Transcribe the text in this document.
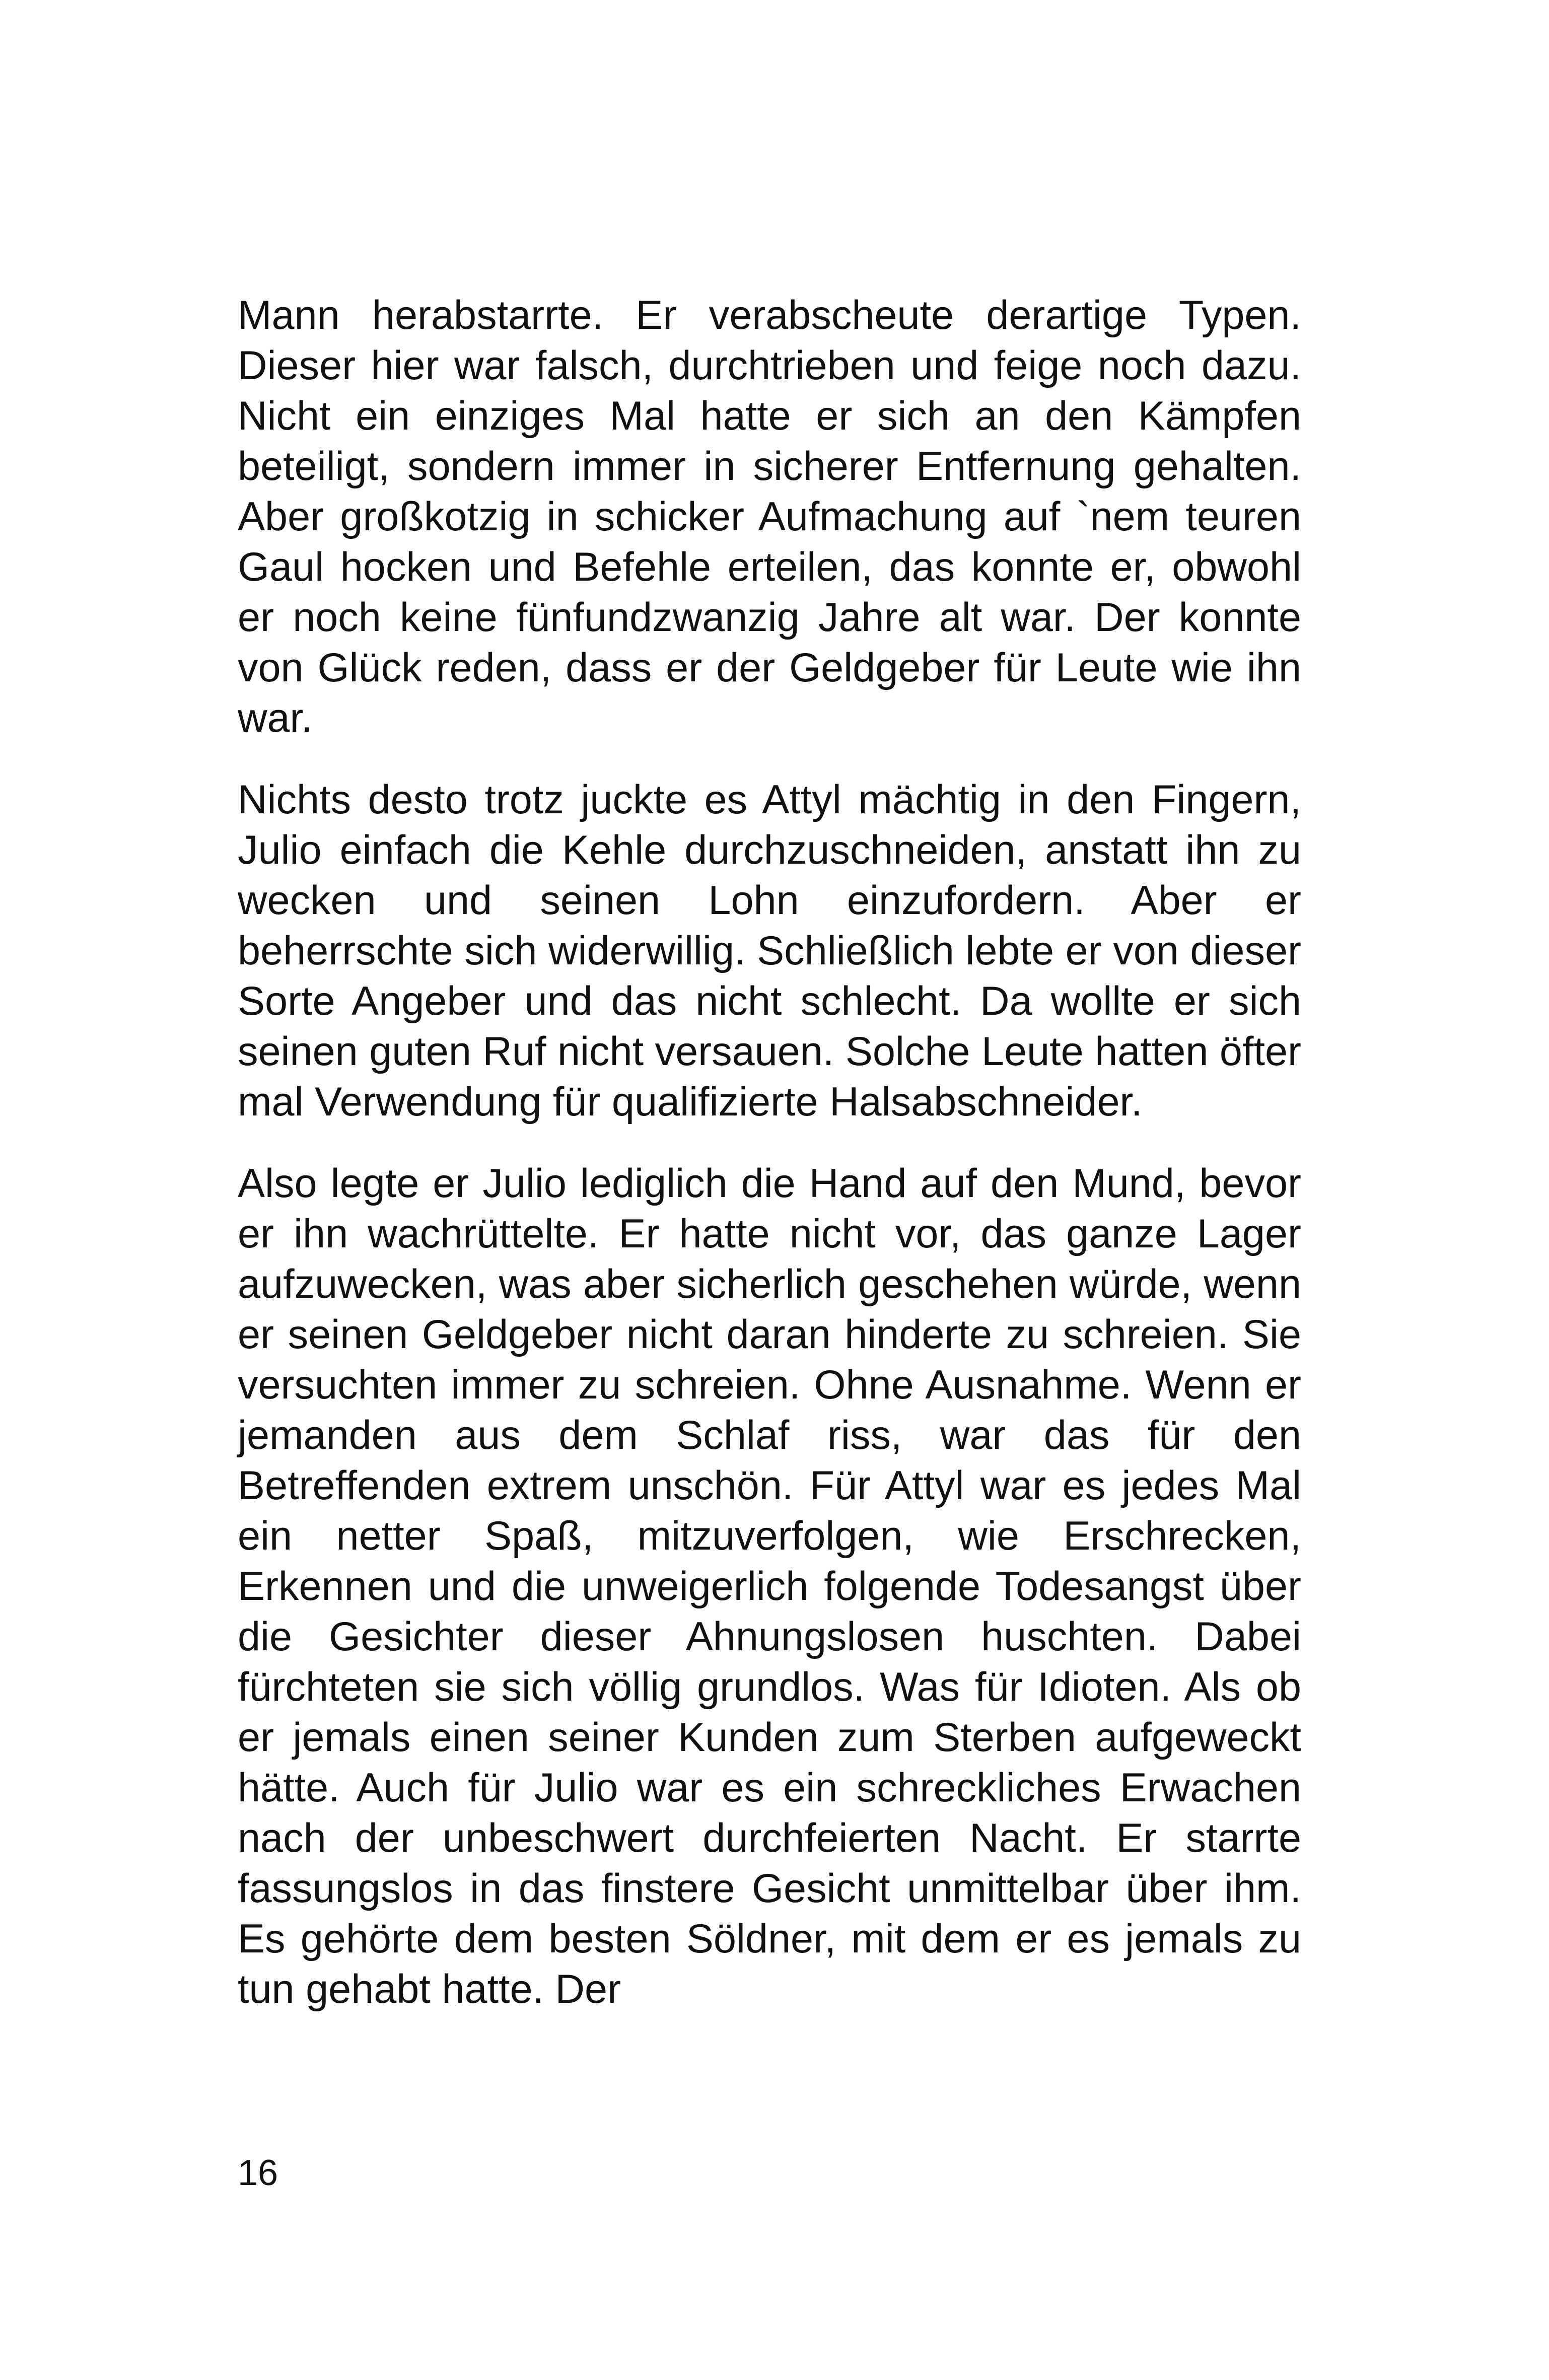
Mann herabstarrte. Er verabscheute derartige Typen. Dieser hier war falsch, durchtrieben und feige noch dazu. Nicht ein einziges Mal hatte er sich an den Kämpfen beteiligt, sondern immer in sicherer Entfernung gehalten. Aber großkotzig in schicker Aufmachung auf `nem teuren Gaul hocken und Befehle erteilen, das konnte er, obwohl er noch keine fünfundzwanzig Jahre alt war. Der konnte von Glück reden, dass er der Geldgeber für Leute wie ihn war.

Nichts desto trotz juckte es Attyl mächtig in den Fingern, Julio einfach die Kehle durchzuschneiden, anstatt ihn zu wecken und seinen Lohn einzufordern. Aber er beherrschte sich widerwillig. Schließlich lebte er von dieser Sorte Angeber und das nicht schlecht. Da wollte er sich seinen guten Ruf nicht versauen. Solche Leute hatten öfter mal Verwendung für qualifizierte Halsabschneider.

Also legte er Julio lediglich die Hand auf den Mund, bevor er ihn wachrüttelte. Er hatte nicht vor, das ganze Lager aufzuwecken, was aber sicherlich geschehen würde, wenn er seinen Geldgeber nicht daran hinderte zu schreien. Sie versuchten immer zu schreien. Ohne Ausnahme. Wenn er jemanden aus dem Schlaf riss, war das für den Betreffenden extrem unschön. Für Attyl war es jedes Mal ein netter Spaß, mitzuverfolgen, wie Erschrecken, Erkennen und die unweigerlich folgende Todesangst über die Gesichter dieser Ahnungslosen huschten. Dabei fürchteten sie sich völlig grundlos. Was für Idioten. Als ob er jemals einen seiner Kunden zum Sterben aufgeweckt hätte. Auch für Julio war es ein schreckliches Erwachen nach der unbeschwert durchfeierten Nacht. Er starrte fassungslos in das finstere Gesicht unmittelbar über ihm. Es gehörte dem besten Söldner, mit dem er es jemals zu tun gehabt hatte. Der

16
